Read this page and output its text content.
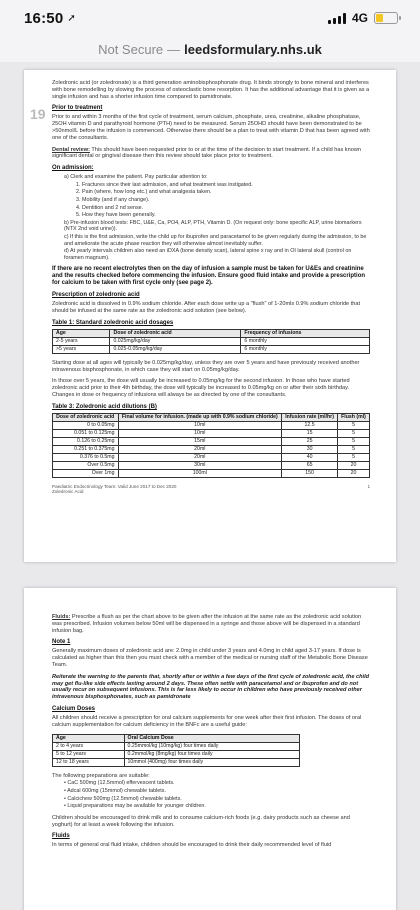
16:50 ➚	4G
Not Secure — leedsformulary.nhs.uk
Zoledronic acid (or zoledronate) is a third generation aminobisphosphonate drug. It binds strongly to bone mineral and interferes with bone remodelling by slowing the process of osteoclastic bone resorption. It has the additional advantage that it is given as a single infusion and has a shorter infusion time compared to pamidronate.
19 Prior to treatment
Prior to and within 3 months of the first cycle of treatment, serum calcium, phosphate, urea, creatinine, alkaline phosphatase, 25OH vitamin D and parathyroid hormone (PTH) need to be measured. Serum 25OHD should have been demonstrated to be >50nmol/L before the infusion is commenced. Otherwise there should be a plan to treat with vitamin D that has been agreed with one of the consultants.
Dental review: This should have been requested prior to or at the time of the decision to start treatment. If a child has known significant dental or gingival disease then this review should take place prior to treatment.
On admission:
a) Clerk and examine the patient. Pay particular attention to:
1. Fractures since their last admission, and what treatment was instigated.
2. Pain (where, how long etc.) and what analgesia taken.
3. Mobility (and if any change).
4. Dentition and 2 nd sense.
5. How they have been generally.
b) Pre-infusion blood tests: FBC, U&E, Ca, PO4, ALP, PTH, Vitamin D. (On request only: bone specific ALP, urine biomarkers (NTX 2nd void urine)).
c) If this is the first admission, write the child up for ibuprofen and paracetamol to be given regularly during the admission, to be and ameliorate the acute phase reaction they will otherwise almost inevitably suffer.
d) At yearly intervals children also need an iDXA (bone density scan), lateral spine x ray and in OI lateral skull (control on foramen magnum).
If there are no recent electrolytes then on the day of infusion a sample must be taken for U&Es and creatinine and the results checked before commencing the infusion. Ensure good fluid intake and provide a prescription for calcium to be taken with first cycle only (see page 2).
Prescription of zoledronic acid
Zoledronic acid is dissolved in 0.9% sodium chloride. After each dose write up a "flush" of 1-20mls 0.9% sodium chloride that should be infused at the same rate as the zoledronic acid solution (see below).
Table 1: Standard zoledronic acid dosages
Age	Dose of zoledronic acid	Frequency of infusions
2-5 years	0.025mg/kg/day	6 monthly
>5 years	0.025-0.05mg/kg/day	6 monthly
Starting dose at all ages will typically be 0.025mg/kg/day, unless they are over 5 years and have previously received another intravenous bisphosphonate, in which case they will start on 0.05mg/kg/day.
In those over 5 years, the dose will usually be increased to 0.05mg/kg for the second infusion. In those who have started zoledronic acid prior to their 4th birthday, the dose will typically be increased to 0.05mg/kg on or after their sixth birthday. Changes in dose or frequency of infusions will always be as directed by one of the consultants.
Table 3: Zoledronic acid dilutions (B)
Dose of zoledronic acid	Final volume for infusion. (made up with 0.9% sodium chloride)	Infusion rate (ml/hr)	Flush (ml)
0 to 0.05mg	10ml	12.5	5
0.051 to 0.125mg	10ml	15	5
0.126 to 0.25mg	15ml	25	5
0.251 to 0.375mg	20ml	30	5
0.376 to 0.5mg	20ml	40	5
Over 0.5mg	30ml	65	20
Over 1mg	100ml	150	20
Paediatric Endocrinology Team: Valid June 2017 to Dec 2020
Zoledronic Acid
1
Fluids: Prescribe a flush as per the chart above to be given after the infusion at the same rate as the zoledronic acid solution was prescribed. Infusion volumes below 50ml will be dispensed in a syringe and those above will be dispensed in a standard infusion bag.
Note 1
Generally maximum doses of zoledronic acid are: 2.0mg in child under 3 years and 4.0mg in child aged 3-17 years. If dose is calculated as higher than this then you must check with a member of the medical or nursing staff of the Metabolic Bone Disease Team.
Reiterate the warning to the parents that, shortly after or within a few days of the first cycle of zoledronic acid, the child may get flu-like side effects lasting around 2 days. These often settle with paracetamol and or ibuprofen and do not usually recur on subsequent infusions. This is far less likely to occur in children who have previously received other intravenous bisphosphonates, such as pamidronate
Calcium Doses
All children should receive a prescription for oral calcium supplements for one week after their first infusion. The doses of oral calcium supplementation for calcium deficiency in the BNFc are a useful guide:
Age	Oral Calcium Dose
2 to 4 years	0.25mmol/kg (10mg/kg) four times daily
5 to 12 years	0.2mmol/kg (8mg/kg) four times daily
12 to 18 years	10mmol (400mg) four times daily
The following preparations are suitable:
• CaC 500mg (12.5mmol) effervescent tablets.
• Adcal 600mg (15mmol) chewable tablets.
• Calcichew 500mg (12.5mmol) chewable tablets.
• Liquid preparations may be available for younger children.
Children should be encouraged to drink milk and to consume calcium-rich foods (e.g. dairy products such as cheese and yoghurt) for at least a week following the infusion.
Fluids
In terms of general oral fluid intake, children should be encouraged to drink their daily recommended level of fluid
